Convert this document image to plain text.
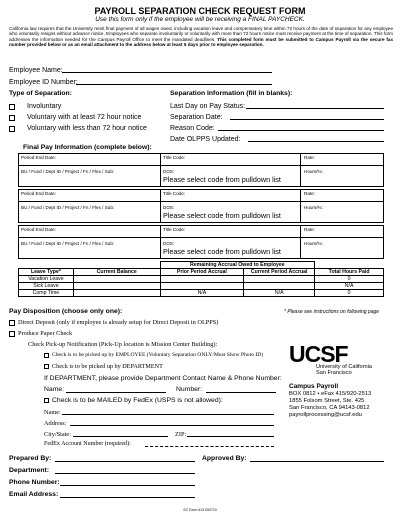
PAYROLL SEPARATION CHECK REQUEST FORM
Use this form only if the employee will be receiving a FINAL PAYCHECK.
California law requires that the University remit final payment of all wages owed, including vacation leave and compensatory time within 72 hours of the date of separation for any employee who voluntarily resigns without advance notice. Employees who separate involuntarily or voluntarily with more than 72 hours notice must receive payment at the time of separation. This form addresses the information needed for the Campus Payroll Office to meet the mandated deadlines. This completed form must be submitted to Campus Payroll via the secure fax number provided below or as an email attachment to the address below at least 5 days prior to employee separation.
Employee Name:
Employee ID Number:
Type of Separation:
Involuntary
Voluntary with at least 72 hour notice
Voluntary with less than 72 hour notice
Separation Information (fill in blanks):
Last Day on Pay Status:
Separation Date:
Reason Code:
Date OLPPS Updated:
Final Pay Information (complete below):
Period End Date:	Title Code:	Rate:
BU / Fund / Dept ID / Project / Fn / Flex / Sub:	DOS:
Please select code from pulldown list
Hours/%:
Period End Date:	Title Code:	Rate:
BU / Fund / Dept ID / Project / Fn / Flex / Sub:	DOS:
Please select code from pulldown list
Hours/%:
Period End Date:	Title Code:	Rate:
BU / Fund / Dept ID / Project / Fn / Flex / Sub:	DOS:
Please select code from pulldown list
Hours/%:
		Remaining Accrual Owed to Employee		
Leave Type*	Current Balance	Prior Period Accrual	Current Period Accrual	Total Hours Paid
Vacation Leave				0
Sick Leave				N/A
Comp Time		N/A	N/A	0
* Please see instructions on following page
Pay Disposition (choose only one):
Direct Deposit (only if employee is already setup for Direct Deposit in OLPPS)
Produce Paper Check
Check Pick-up Notification (Pick-Up location is Mission Center Building):
Check is to be picked up by EMPLOYEE (Voluntary Separation ONLY/Must Show Photo ID)
Check is to be picked up by DEPARTMENT
If DEPARTMENT, please provide Department Contact Name & Phone Number:
Name:	Number:
Check is to be MAILED by FedEx (USPS is not allowed):
Name:
Address:
City/State:	ZIP:
FedEx Account Number (required):
UCSF
University of California
San Francisco
Campus Payroll
BOX 0812 • eFax 415/920-2513
1855 Folsom Street, Ste. 425
San Francisco, CA 94143-0812
payrollprocessing@ucsf.edu
Prepared By:	Approved By:
Department:
Phone Number:
Email Address:
SC Form #13 090710
